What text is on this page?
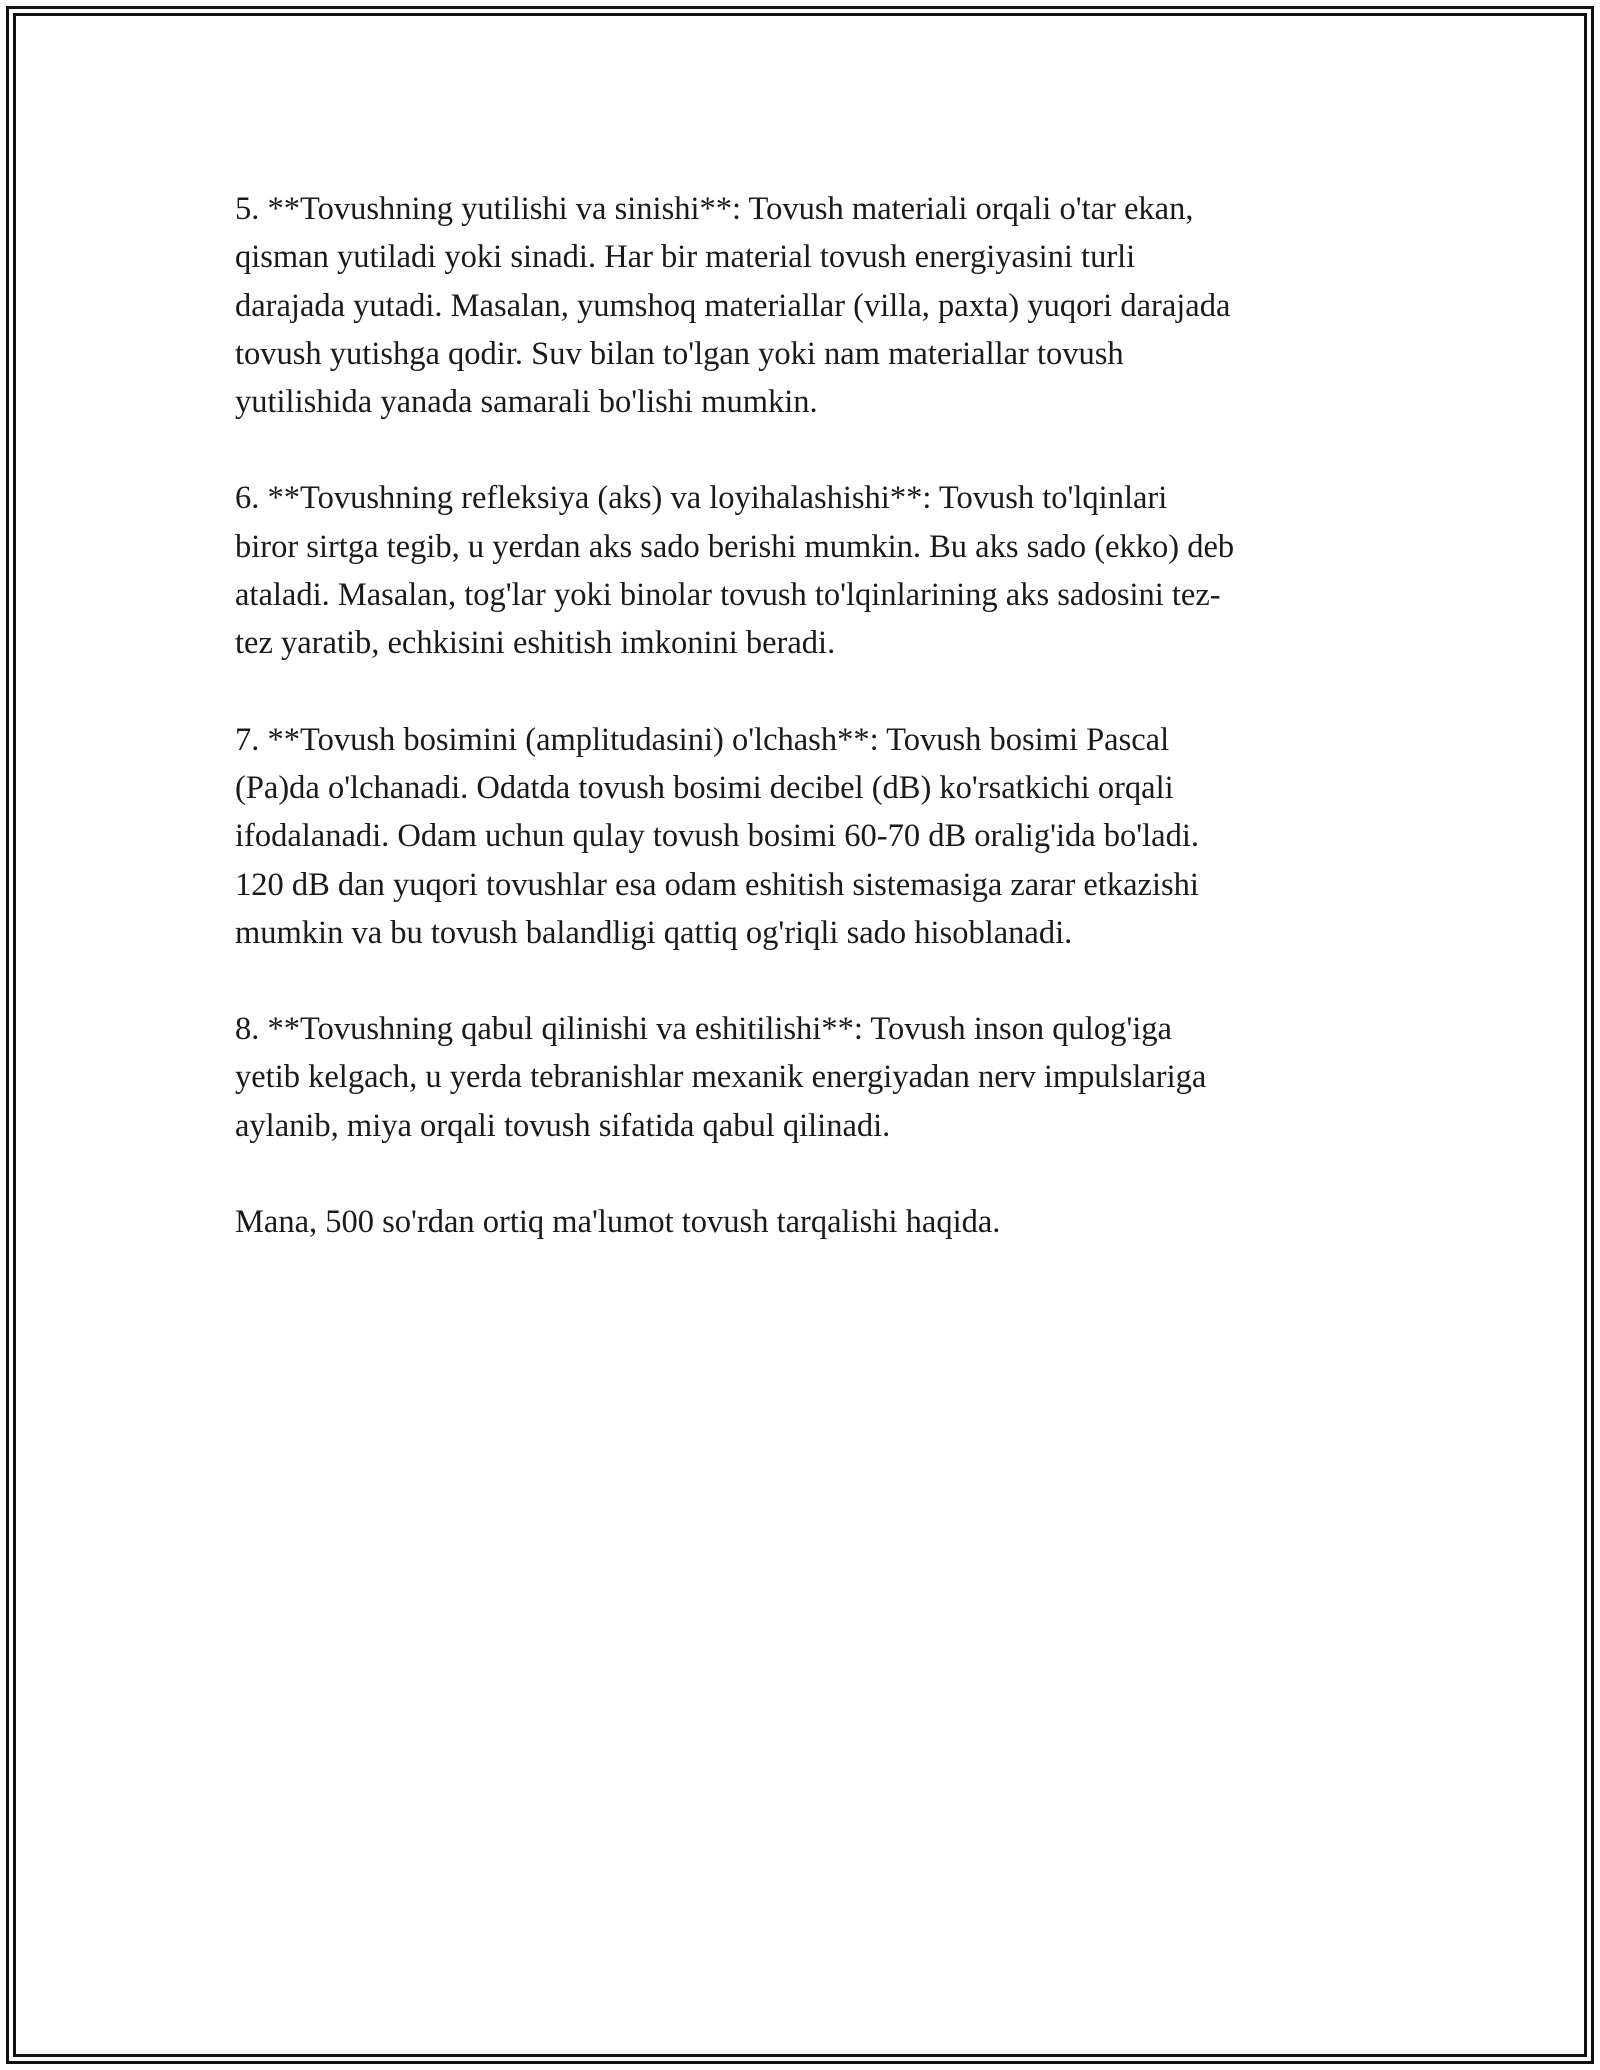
5. **Tovushning yutilishi va sinishi**: Tovush materiali orqali o'tar ekan,
qisman yutiladi yoki sinadi. Har bir material tovush energiyasini turli
darajada yutadi. Masalan, yumshoq materiallar (villa, paxta) yuqori darajada
tovush yutishga qodir. Suv bilan to'lgan yoki nam materiallar tovush
yutilishida yanada samarali bo'lishi mumkin.

6. **Tovushning refleksiya (aks) va loyihalashishi**: Tovush to'lqinlari
biror sirtga tegib, u yerdan aks sado berishi mumkin. Bu aks sado (ekko) deb
ataladi. Masalan, tog'lar yoki binolar tovush to'lqinlarining aks sadosini tez-
tez yaratib, echkisini eshitish imkonini beradi.

7. **Tovush bosimini (amplitudasini) o'lchash**: Tovush bosimi Pascal
(Pa)da o'lchanadi. Odatda tovush bosimi decibel (dB) ko'rsatkichi orqali
ifodalanadi. Odam uchun qulay tovush bosimi 60-70 dB oralig'ida bo'ladi.
120 dB dan yuqori tovushlar esa odam eshitish sistemasiga zarar etkazishi
mumkin va bu tovush balandligi qattiq og'riqli sado hisoblanadi.

8. **Tovushning qabul qilinishi va eshitilishi**: Tovush inson qulog'iga
yetib kelgach, u yerda tebranishlar mexanik energiyadan nerv impulslariga
aylanib, miya orqali tovush sifatida qabul qilinadi.

Mana, 500 so'rdan ortiq ma'lumot tovush tarqalishi haqida.
